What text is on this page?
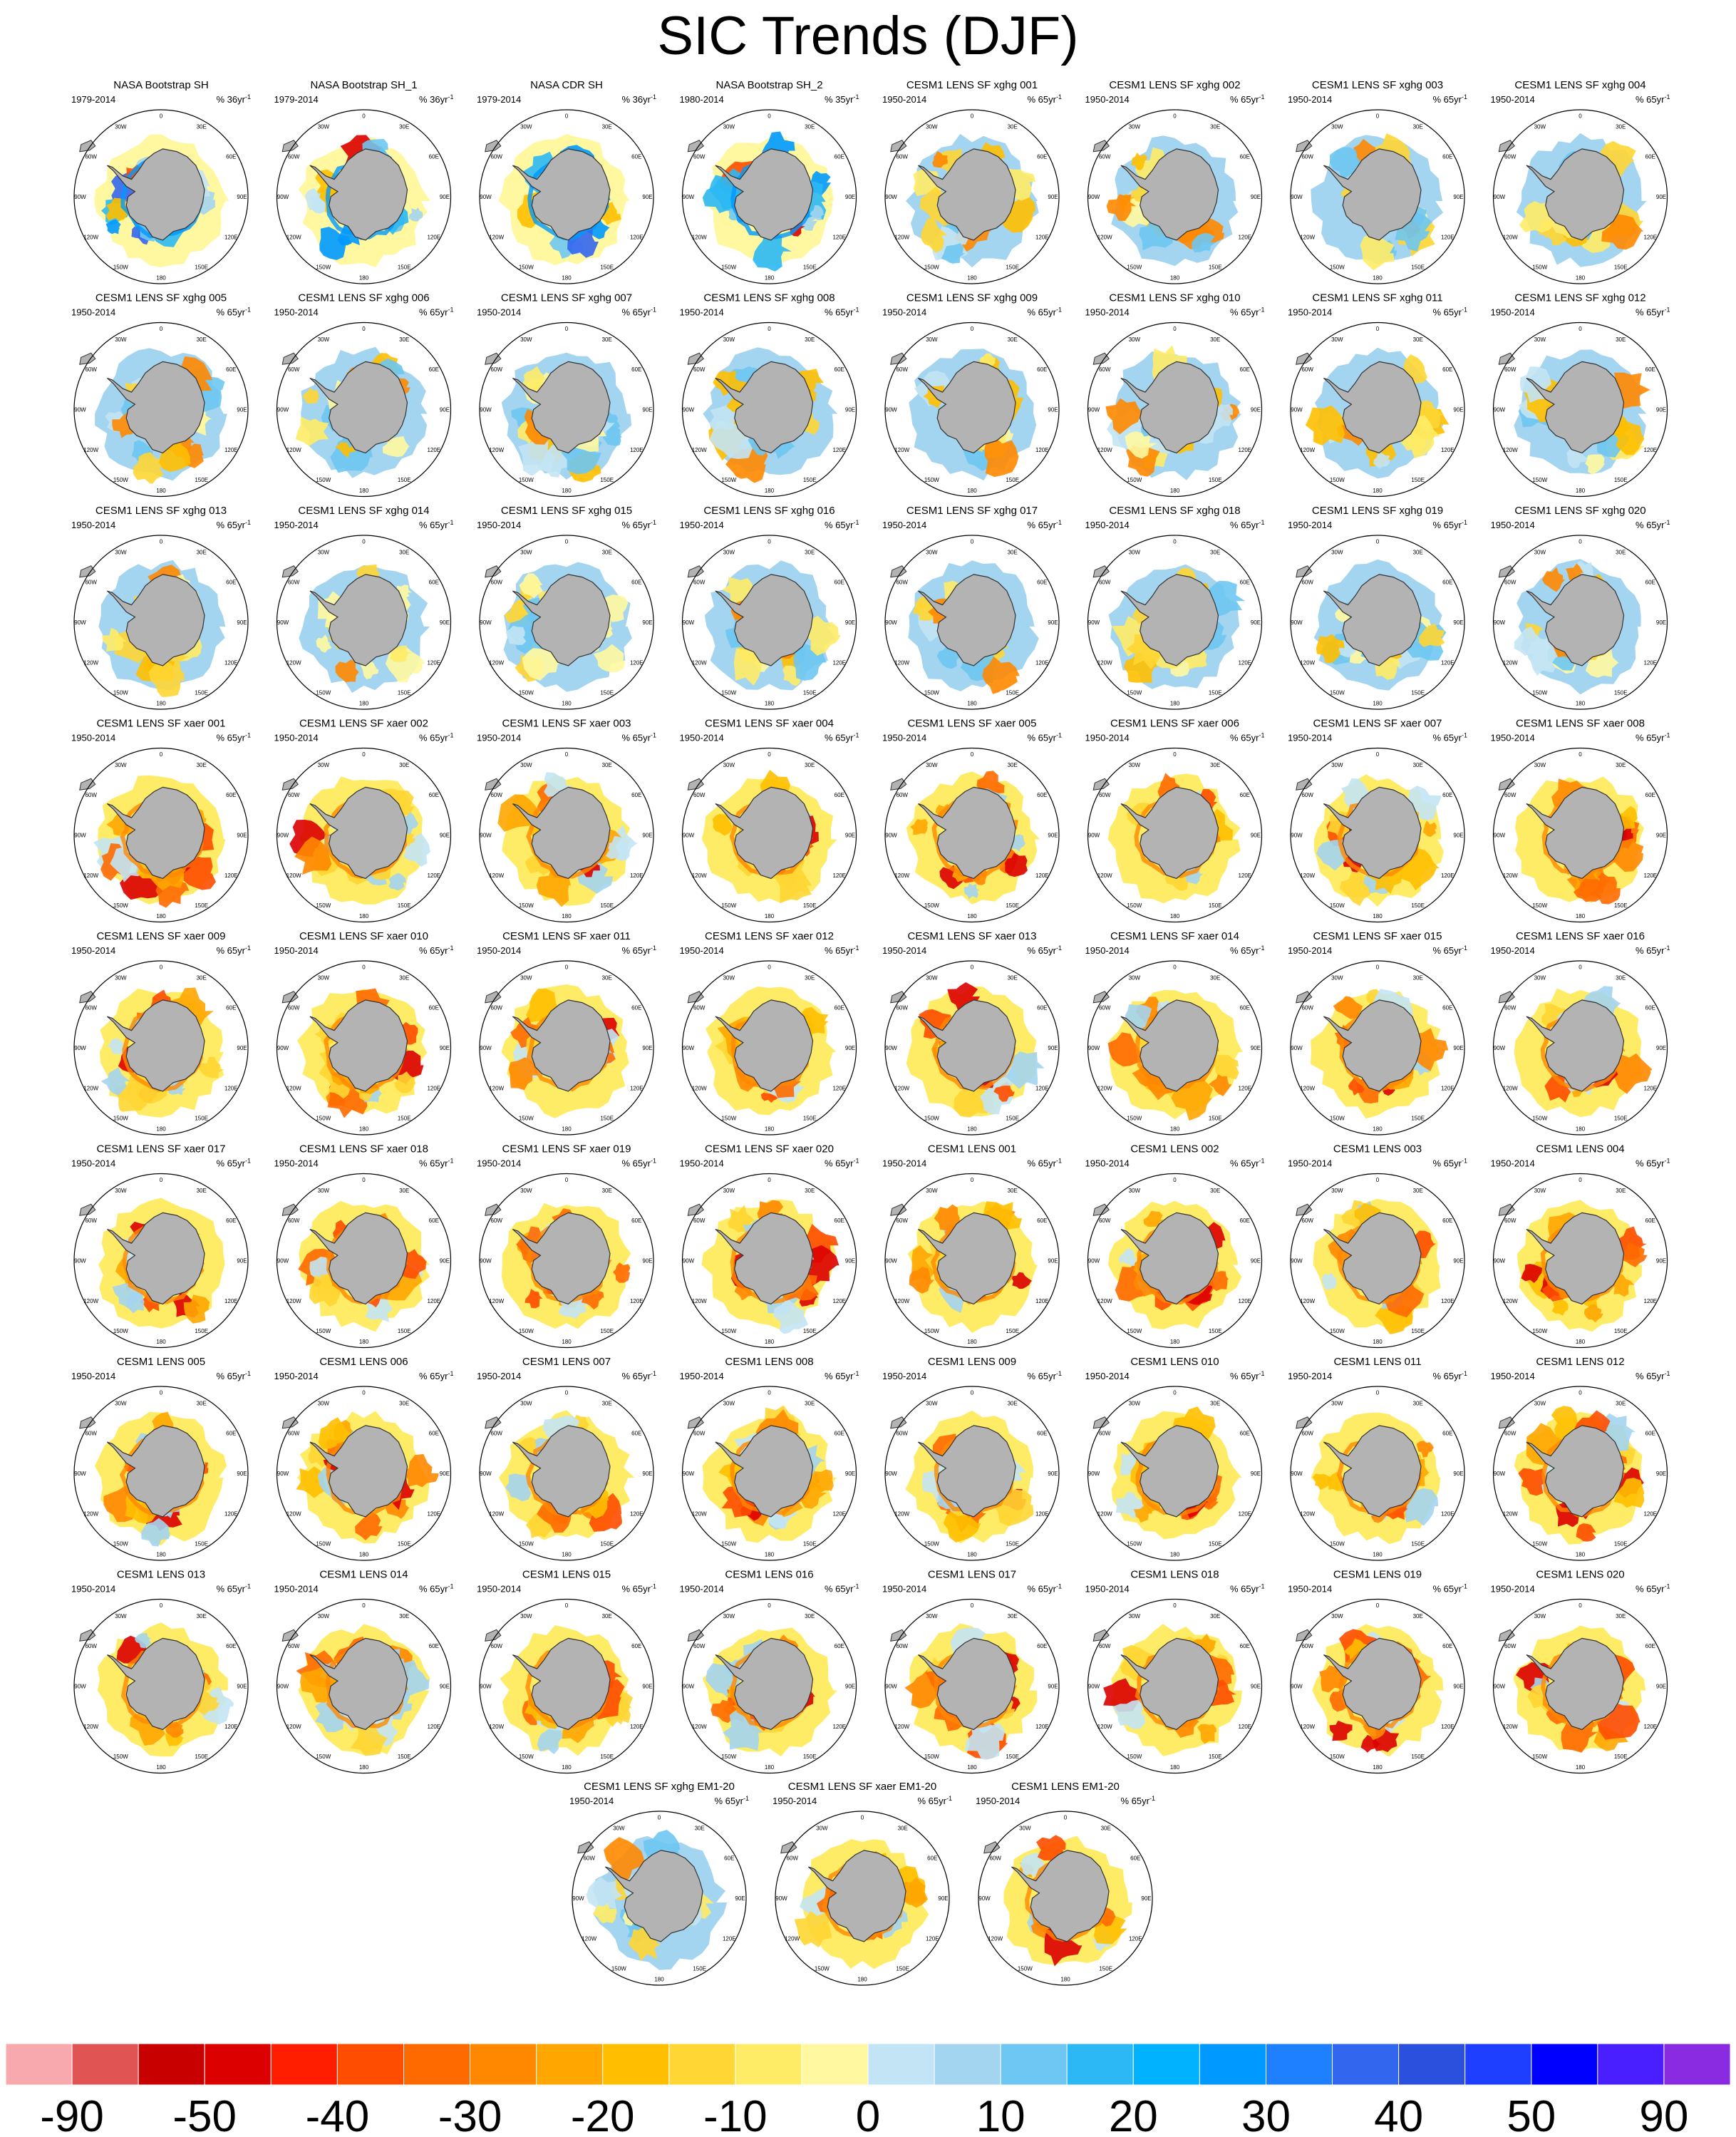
SIC Trends (DJF)
NASA Bootstrap SH
1979-2014	% $36yr^{-1}$
0
30E
60E
90E
120E
150E
180
150W
120W
90W
60W
30W
NASA Bootstrap SH_1
1979-2014	% $36yr^{-1}$
0
30E
60E
90E
120E
150E
180
150W
120W
90W
60W
30W
NASA CDR SH
1979-2014	% $36yr^{-1}$
0
30E
60E
90E
120E
150E
180
150W
120W
90W
60W
30W
NASA Bootstrap SH_2
1980-2014	% $35yr^{-1}$
0
30E
60E
90E
120E
150E
180
150W
120W
90W
60W
30W
CESM1 LENS SF xghg 001
1950-2014	% $65yr^{-1}$
0
30E
60E
90E
120E
150E
180
150W
120W
90W
60W
30W
CESM1 LENS SF xghg 002
1950-2014	% $65yr^{-1}$
0
30E
60E
90E
120E
150E
180
150W
120W
90W
60W
30W
CESM1 LENS SF xghg 003
1950-2014	% $65yr^{-1}$
0
30E
60E
90E
120E
150E
180
150W
120W
90W
60W
30W
CESM1 LENS SF xghg 004
1950-2014	% $65yr^{-1}$
0
30E
60E
90E
120E
150E
180
150W
120W
90W
60W
30W
CESM1 LENS SF xghg 005
1950-2014	% $65yr^{-1}$
0
30E
60E
90E
120E
150E
180
150W
120W
90W
60W
30W
CESM1 LENS SF xghg 006
1950-2014	% $65yr^{-1}$
0
30E
60E
90E
120E
150E
180
150W
120W
90W
60W
30W
CESM1 LENS SF xghg 007
1950-2014	% $65yr^{-1}$
0
30E
60E
90E
120E
150E
180
150W
120W
90W
60W
30W
CESM1 LENS SF xghg 008
1950-2014	% $65yr^{-1}$
0
30E
60E
90E
120E
150E
180
150W
120W
90W
60W
30W
CESM1 LENS SF xghg 009
1950-2014	% $65yr^{-1}$
0
30E
60E
90E
120E
150E
180
150W
120W
90W
60W
30W
CESM1 LENS SF xghg 010
1950-2014	% $65yr^{-1}$
0
30E
60E
90E
120E
150E
180
150W
120W
90W
60W
30W
CESM1 LENS SF xghg 011
1950-2014	% $65yr^{-1}$
0
30E
60E
90E
120E
150E
180
150W
120W
90W
60W
30W
CESM1 LENS SF xghg 012
1950-2014	% $65yr^{-1}$
0
30E
60E
90E
120E
150E
180
150W
120W
90W
60W
30W
CESM1 LENS SF xghg 013
1950-2014	% $65yr^{-1}$
0
30E
60E
90E
120E
150E
180
150W
120W
90W
60W
30W
CESM1 LENS SF xghg 014
1950-2014	% $65yr^{-1}$
0
30E
60E
90E
120E
150E
180
150W
120W
90W
60W
30W
CESM1 LENS SF xghg 015
1950-2014	% $65yr^{-1}$
0
30E
60E
90E
120E
150E
180
150W
120W
90W
60W
30W
CESM1 LENS SF xghg 016
1950-2014	% $65yr^{-1}$
0
30E
60E
90E
120E
150E
180
150W
120W
90W
60W
30W
CESM1 LENS SF xghg 017
1950-2014	% $65yr^{-1}$
0
30E
60E
90E
120E
150E
180
150W
120W
90W
60W
30W
CESM1 LENS SF xghg 018
1950-2014	% $65yr^{-1}$
0
30E
60E
90E
120E
150E
180
150W
120W
90W
60W
30W
CESM1 LENS SF xghg 019
1950-2014	% $65yr^{-1}$
0
30E
60E
90E
120E
150E
180
150W
120W
90W
60W
30W
CESM1 LENS SF xghg 020
1950-2014	% $65yr^{-1}$
0
30E
60E
90E
120E
150E
180
150W
120W
90W
60W
30W
CESM1 LENS SF xaer 001
1950-2014	% $65yr^{-1}$
0
30E
60E
90E
120E
150E
180
150W
120W
90W
60W
30W
CESM1 LENS SF xaer 002
1950-2014	% $65yr^{-1}$
0
30E
60E
90E
120E
150E
180
150W
120W
90W
60W
30W
CESM1 LENS SF xaer 003
1950-2014	% $65yr^{-1}$
0
30E
60E
90E
120E
150E
180
150W
120W
90W
60W
30W
CESM1 LENS SF xaer 004
1950-2014	% $65yr^{-1}$
0
30E
60E
90E
120E
150E
180
150W
120W
90W
60W
30W
CESM1 LENS SF xaer 005
1950-2014	% $65yr^{-1}$
0
30E
60E
90E
120E
150E
180
150W
120W
90W
60W
30W
CESM1 LENS SF xaer 006
1950-2014	% $65yr^{-1}$
0
30E
60E
90E
120E
150E
180
150W
120W
90W
60W
30W
CESM1 LENS SF xaer 007
1950-2014	% $65yr^{-1}$
0
30E
60E
90E
120E
150E
180
150W
120W
90W
60W
30W
CESM1 LENS SF xaer 008
1950-2014	% $65yr^{-1}$
0
30E
60E
90E
120E
150E
180
150W
120W
90W
60W
30W
CESM1 LENS SF xaer 009
1950-2014	% $65yr^{-1}$
0
30E
60E
90E
120E
150E
180
150W
120W
90W
60W
30W
CESM1 LENS SF xaer 010
1950-2014	% $65yr^{-1}$
0
30E
60E
90E
120E
150E
180
150W
120W
90W
60W
30W
CESM1 LENS SF xaer 011
1950-2014	% $65yr^{-1}$
0
30E
60E
90E
120E
150E
180
150W
120W
90W
60W
30W
CESM1 LENS SF xaer 012
1950-2014	% $65yr^{-1}$
0
30E
60E
90E
120E
150E
180
150W
120W
90W
60W
30W
CESM1 LENS SF xaer 013
1950-2014	% $65yr^{-1}$
0
30E
60E
90E
120E
150E
180
150W
120W
90W
60W
30W
CESM1 LENS SF xaer 014
1950-2014	% $65yr^{-1}$
0
30E
60E
90E
120E
150E
180
150W
120W
90W
60W
30W
CESM1 LENS SF xaer 015
1950-2014	% $65yr^{-1}$
0
30E
60E
90E
120E
150E
180
150W
120W
90W
60W
30W
CESM1 LENS SF xaer 016
1950-2014	% $65yr^{-1}$
0
30E
60E
90E
120E
150E
180
150W
120W
90W
60W
30W
CESM1 LENS SF xaer 017
1950-2014	% $65yr^{-1}$
0
30E
60E
90E
120E
150E
180
150W
120W
90W
60W
30W
CESM1 LENS SF xaer 018
1950-2014	% $65yr^{-1}$
0
30E
60E
90E
120E
150E
180
150W
120W
90W
60W
30W
CESM1 LENS SF xaer 019
1950-2014	% $65yr^{-1}$
0
30E
60E
90E
120E
150E
180
150W
120W
90W
60W
30W
CESM1 LENS SF xaer 020
1950-2014	% $65yr^{-1}$
0
30E
60E
90E
120E
150E
180
150W
120W
90W
60W
30W
CESM1 LENS 001
1950-2014	% $65yr^{-1}$
0
30E
60E
90E
120E
150E
180
150W
120W
90W
60W
30W
CESM1 LENS 002
1950-2014	% $65yr^{-1}$
0
30E
60E
90E
120E
150E
180
150W
120W
90W
60W
30W
CESM1 LENS 003
1950-2014	% $65yr^{-1}$
0
30E
60E
90E
120E
150E
180
150W
120W
90W
60W
30W
CESM1 LENS 004
1950-2014	% $65yr^{-1}$
0
30E
60E
90E
120E
150E
180
150W
120W
90W
60W
30W
CESM1 LENS 005
1950-2014	% $65yr^{-1}$
0
30E
60E
90E
120E
150E
180
150W
120W
90W
60W
30W
CESM1 LENS 006
1950-2014	% $65yr^{-1}$
0
30E
60E
90E
120E
150E
180
150W
120W
90W
60W
30W
CESM1 LENS 007
1950-2014	% $65yr^{-1}$
0
30E
60E
90E
120E
150E
180
150W
120W
90W
60W
30W
CESM1 LENS 008
1950-2014	% $65yr^{-1}$
0
30E
60E
90E
120E
150E
180
150W
120W
90W
60W
30W
CESM1 LENS 009
1950-2014	% $65yr^{-1}$
0
30E
60E
90E
120E
150E
180
150W
120W
90W
60W
30W
CESM1 LENS 010
1950-2014	% $65yr^{-1}$
0
30E
60E
90E
120E
150E
180
150W
120W
90W
60W
30W
CESM1 LENS 011
1950-2014	% $65yr^{-1}$
0
30E
60E
90E
120E
150E
180
150W
120W
90W
60W
30W
CESM1 LENS 012
1950-2014	% $65yr^{-1}$
0
30E
60E
90E
120E
150E
180
150W
120W
90W
60W
30W
CESM1 LENS 013
1950-2014	% $65yr^{-1}$
0
30E
60E
90E
120E
150E
180
150W
120W
90W
60W
30W
CESM1 LENS 014
1950-2014	% $65yr^{-1}$
0
30E
60E
90E
120E
150E
180
150W
120W
90W
60W
30W
CESM1 LENS 015
1950-2014	% $65yr^{-1}$
0
30E
60E
90E
120E
150E
180
150W
120W
90W
60W
30W
CESM1 LENS 016
1950-2014	% $65yr^{-1}$
0
30E
60E
90E
120E
150E
180
150W
120W
90W
60W
30W
CESM1 LENS 017
1950-2014	% $65yr^{-1}$
0
30E
60E
90E
120E
150E
180
150W
120W
90W
60W
30W
CESM1 LENS 018
1950-2014	% $65yr^{-1}$
0
30E
60E
90E
120E
150E
180
150W
120W
90W
60W
30W
CESM1 LENS 019
1950-2014	% $65yr^{-1}$
0
30E
60E
90E
120E
150E
180
150W
120W
90W
60W
30W
CESM1 LENS 020
1950-2014	% $65yr^{-1}$
0
30E
60E
90E
120E
150E
180
150W
120W
90W
60W
30W
CESM1 LENS SF xghg EM1-20
1950-2014	% $65yr^{-1}$
0
30E
60E
90E
120E
150E
180
150W
120W
90W
60W
30W
CESM1 LENS SF xaer EM1-20
1950-2014	% $65yr^{-1}$
0
30E
60E
90E
120E
150E
180
150W
120W
90W
60W
30W
CESM1 LENS EM1-20
1950-2014	% $65yr^{-1}$
0
30E
60E
90E
120E
150E
180
150W
120W
90W
60W
30W
-90 -50 -40 -30 -20 -10 0 10 20 30 40 50 90
